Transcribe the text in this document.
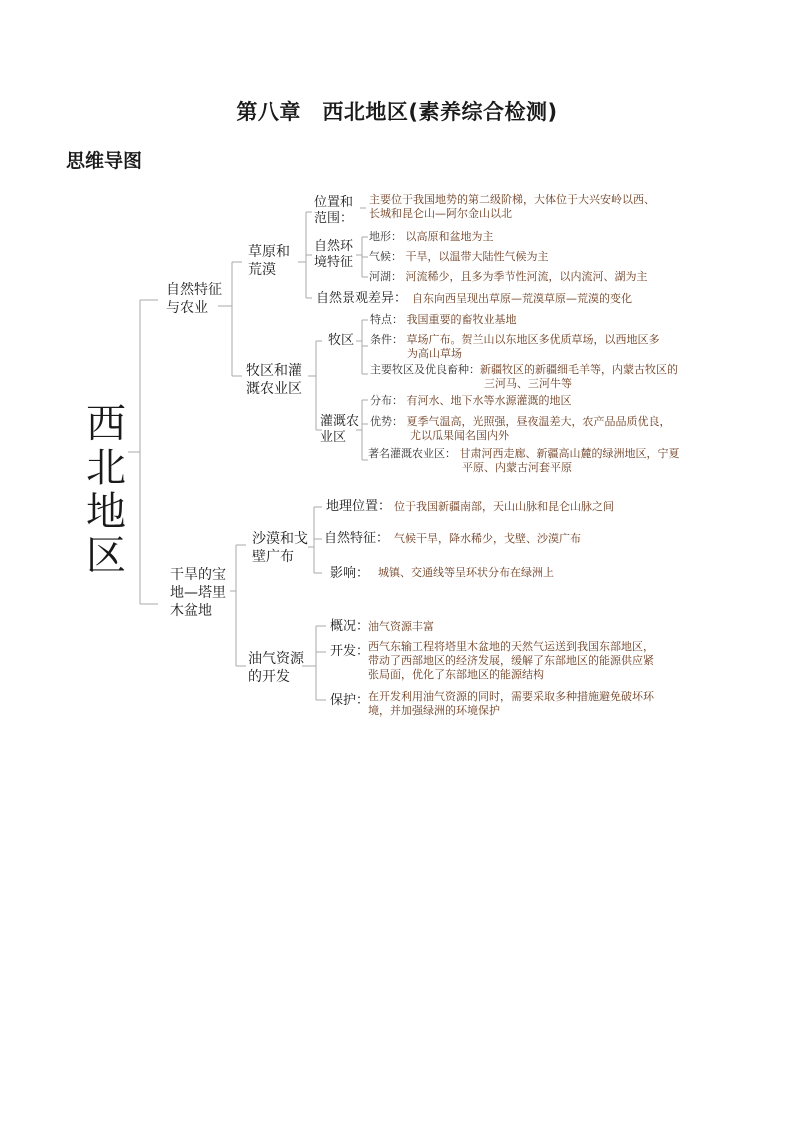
第八章　西北地区(素养综合检测)
思维导图
西北地区
自然特征
与农业
草原和
荒漠
位置和
范围：
主要位于我国地势的第二级阶梯，大体位于大兴安岭以西、
长城和昆仑山—阿尔金山以北
自然环
境特征
地形： 以高原和盆地为主
气候： 干旱，以温带大陆性气候为主
河湖： 河流稀少，且多为季节性河流，以内流河、湖为主
自然景观差异： 自东向西呈现出草原—荒漠草原—荒漠的变化
牧区和灌
溉农业区
牧区
特点： 我国重要的畜牧业基地
条件： 草场广布。贺兰山以东地区多优质草场，以西地区多
为高山草场
主要牧区及优良畜种：新疆牧区的新疆细毛羊等，内蒙古牧区的
三河马、三河牛等
灌溉农
业区
分布： 有河水、地下水等水源灌溉的地区
优势： 夏季气温高，光照强，昼夜温差大，农产品品质优良，
尤以瓜果闻名国内外
著名灌溉农业区： 甘肃河西走廊、新疆高山麓的绿洲地区，宁夏
平原、内蒙古河套平原
干旱的宝
地—塔里
木盆地
沙漠和戈
壁广布
地理位置： 位于我国新疆南部，天山山脉和昆仑山脉之间
自然特征： 气候干旱，降水稀少，戈壁、沙漠广布
影响： 城镇、交通线等呈环状分布在绿洲上
油气资源
的开发
概况：
油气资源丰富
开发：
西气东输工程将塔里木盆地的天然气运送到我国东部地区，
带动了西部地区的经济发展，缓解了东部地区的能源供应紧
张局面，优化了东部地区的能源结构
保护：
在开发利用油气资源的同时，需要采取多种措施避免破坏环
境，并加强绿洲的环境保护
